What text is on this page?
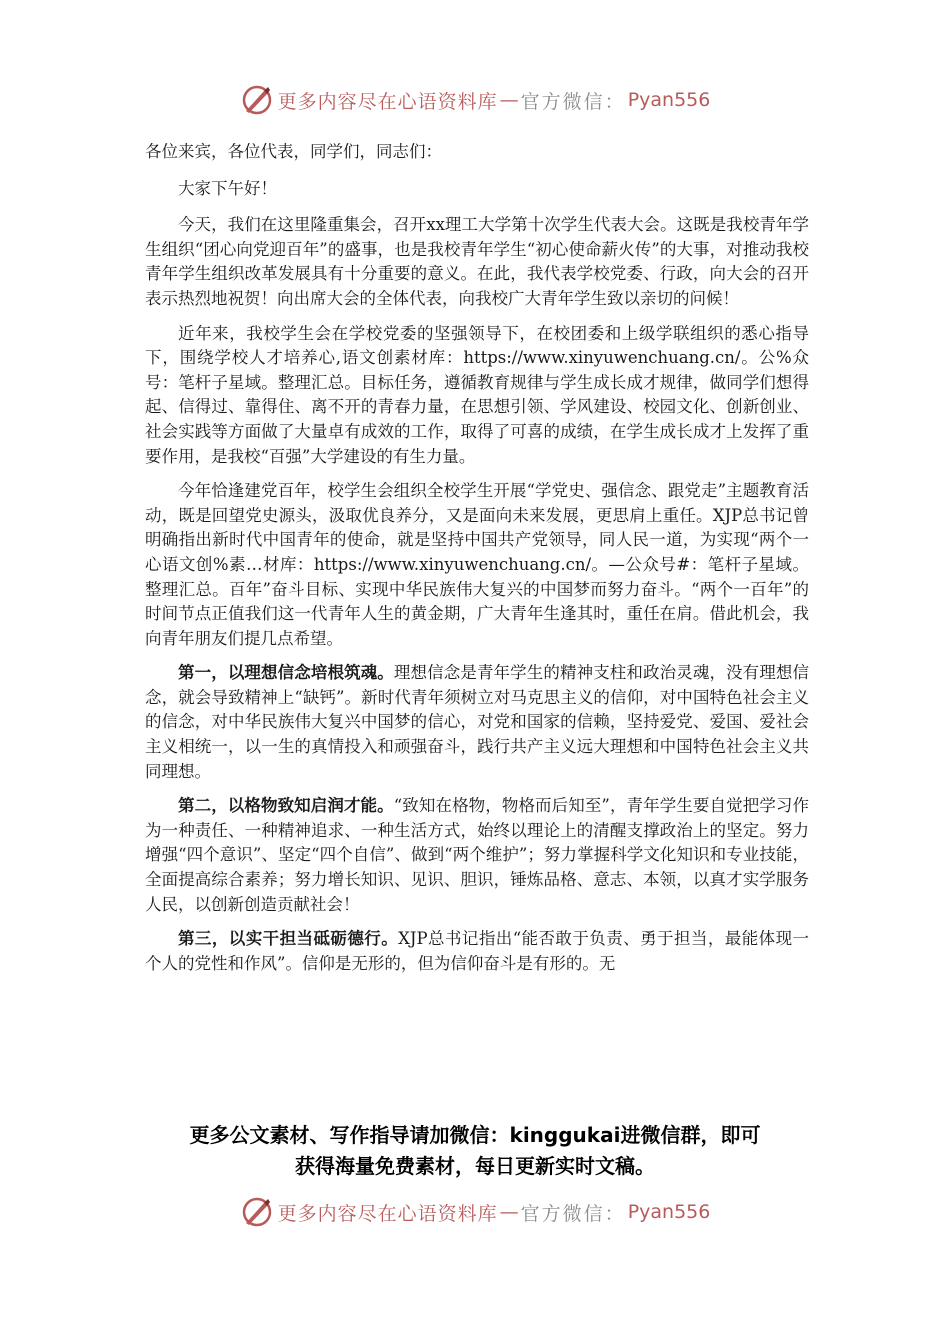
更多内容尽在心语资料库 — 官方微信： Pyan556

各位来宾，各位代表，同学们，同志们：

大家下午好！

今天，我们在这里隆重集会，召开xx理工大学第十次学生代表大会。这既是我校青年学生组织“团心向党迎百年”的盛事，也是我校青年学生“初心使命薪火传”的大事，对推动我校青年学生组织改革发展具有十分重要的意义。在此，我代表学校党委、行政，向大会的召开表示热烈地祝贺！向出席大会的全体代表，向我校广大青年学生致以亲切的问候！

近年来，我校学生会在学校党委的坚强领导下，在校团委和上级学联组织的悉心指导下，围绕学校人才培养心,语文创素材库：https://www.xinyuwenchuang.cn/。公%众号：笔杆子星域。整理汇总。目标任务，遵循教育规律与学生成长成才规律，做同学们想得起、信得过、靠得住、离不开的青春力量，在思想引领、学风建设、校园文化、创新创业、社会实践等方面做了大量卓有成效的工作，取得了可喜的成绩，在学生成长成才上发挥了重要作用，是我校“百强”大学建设的有生力量。

今年恰逢建党百年，校学生会组织全校学生开展“学党史、强信念、跟党走”主题教育活动，既是回望党史源头，汲取优良养分，又是面向未来发展，更思肩上重任。XJP总书记曾明确指出新时代中国青年的使命，就是坚持中国共产党领导，同人民一道，为实现“两个一心语文创%素…材库：https://www.xinyuwenchuang.cn/。—公众号#：笔杆子星域。整理汇总。百年”奋斗目标、实现中华民族伟大复兴的中国梦而努力奋斗。“两个一百年”的时间节点正值我们这一代青年人生的黄金期，广大青年生逢其时，重任在肩。借此机会，我向青年朋友们提几点希望。

第一，以理想信念培根筑魂。理想信念是青年学生的精神支柱和政治灵魂，没有理想信念，就会导致精神上“缺钙”。新时代青年须树立对马克思主义的信仰，对中国特色社会主义的信念，对中华民族伟大复兴中国梦的信心，对党和国家的信赖，坚持爱党、爱国、爱社会主义相统一，以一生的真情投入和顽强奋斗，践行共产主义远大理想和中国特色社会主义共同理想。

第二，以格物致知启润才能。“致知在格物，物格而后知至”，青年学生要自觉把学习作为一种责任、一种精神追求、一种生活方式，始终以理论上的清醒支撑政治上的坚定。努力增强“四个意识”、坚定“四个自信”、做到“两个维护”；努力掌握科学文化知识和专业技能，全面提高综合素养；努力增长知识、见识、胆识，锤炼品格、意志、本领，以真才实学服务人民，以创新创造贡献社会！

第三，以实干担当砥砺德行。XJP总书记指出“能否敢于负责、勇于担当，最能体现一个人的党性和作风”。信仰是无形的，但为信仰奋斗是有形的。无

更多公文素材、写作指导请加微信：kinggukai进微信群，即可
获得海量免费素材，每日更新实时文稿。
更多内容尽在心语资料库 — 官方微信： Pyan556
